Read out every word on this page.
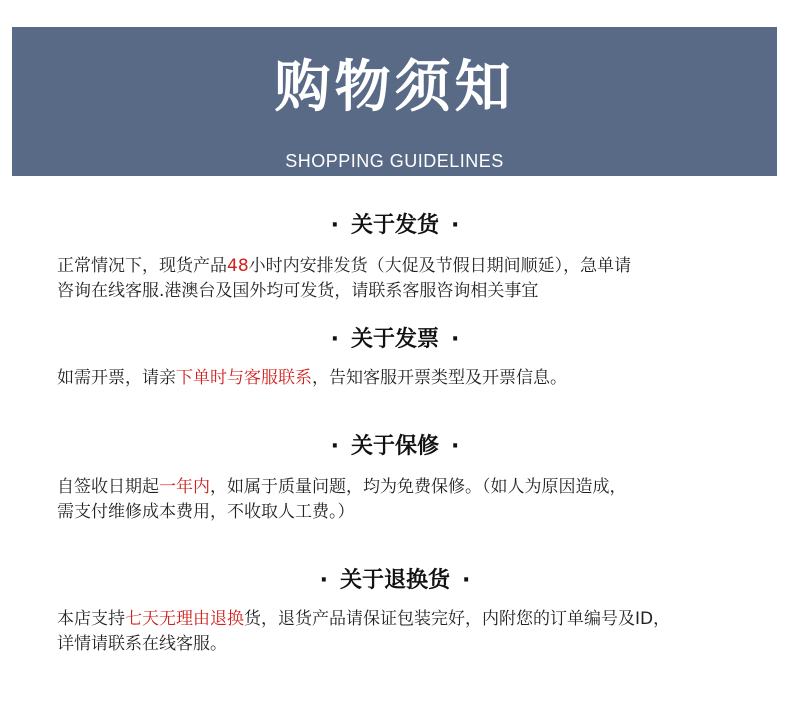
购物须知
SHOPPING GUIDELINES
· 关于发货 ·
正常情况下，现货产品48小时内安排发货（大促及节假日期间顺延），急单请
咨询在线客服.港澳台及国外均可发货，请联系客服咨询相关事宜
· 关于发票 ·
如需开票，请亲下单时与客服联系，告知客服开票类型及开票信息。
· 关于保修 ·
自签收日期起一年内，如属于质量问题，均为免费保修。（如人为原因造成，
需支付维修成本费用，不收取人工费。）
· 关于退换货 ·
本店支持七天无理由退换货，退货产品请保证包装完好，内附您的订单编号及ID，
详情请联系在线客服。
